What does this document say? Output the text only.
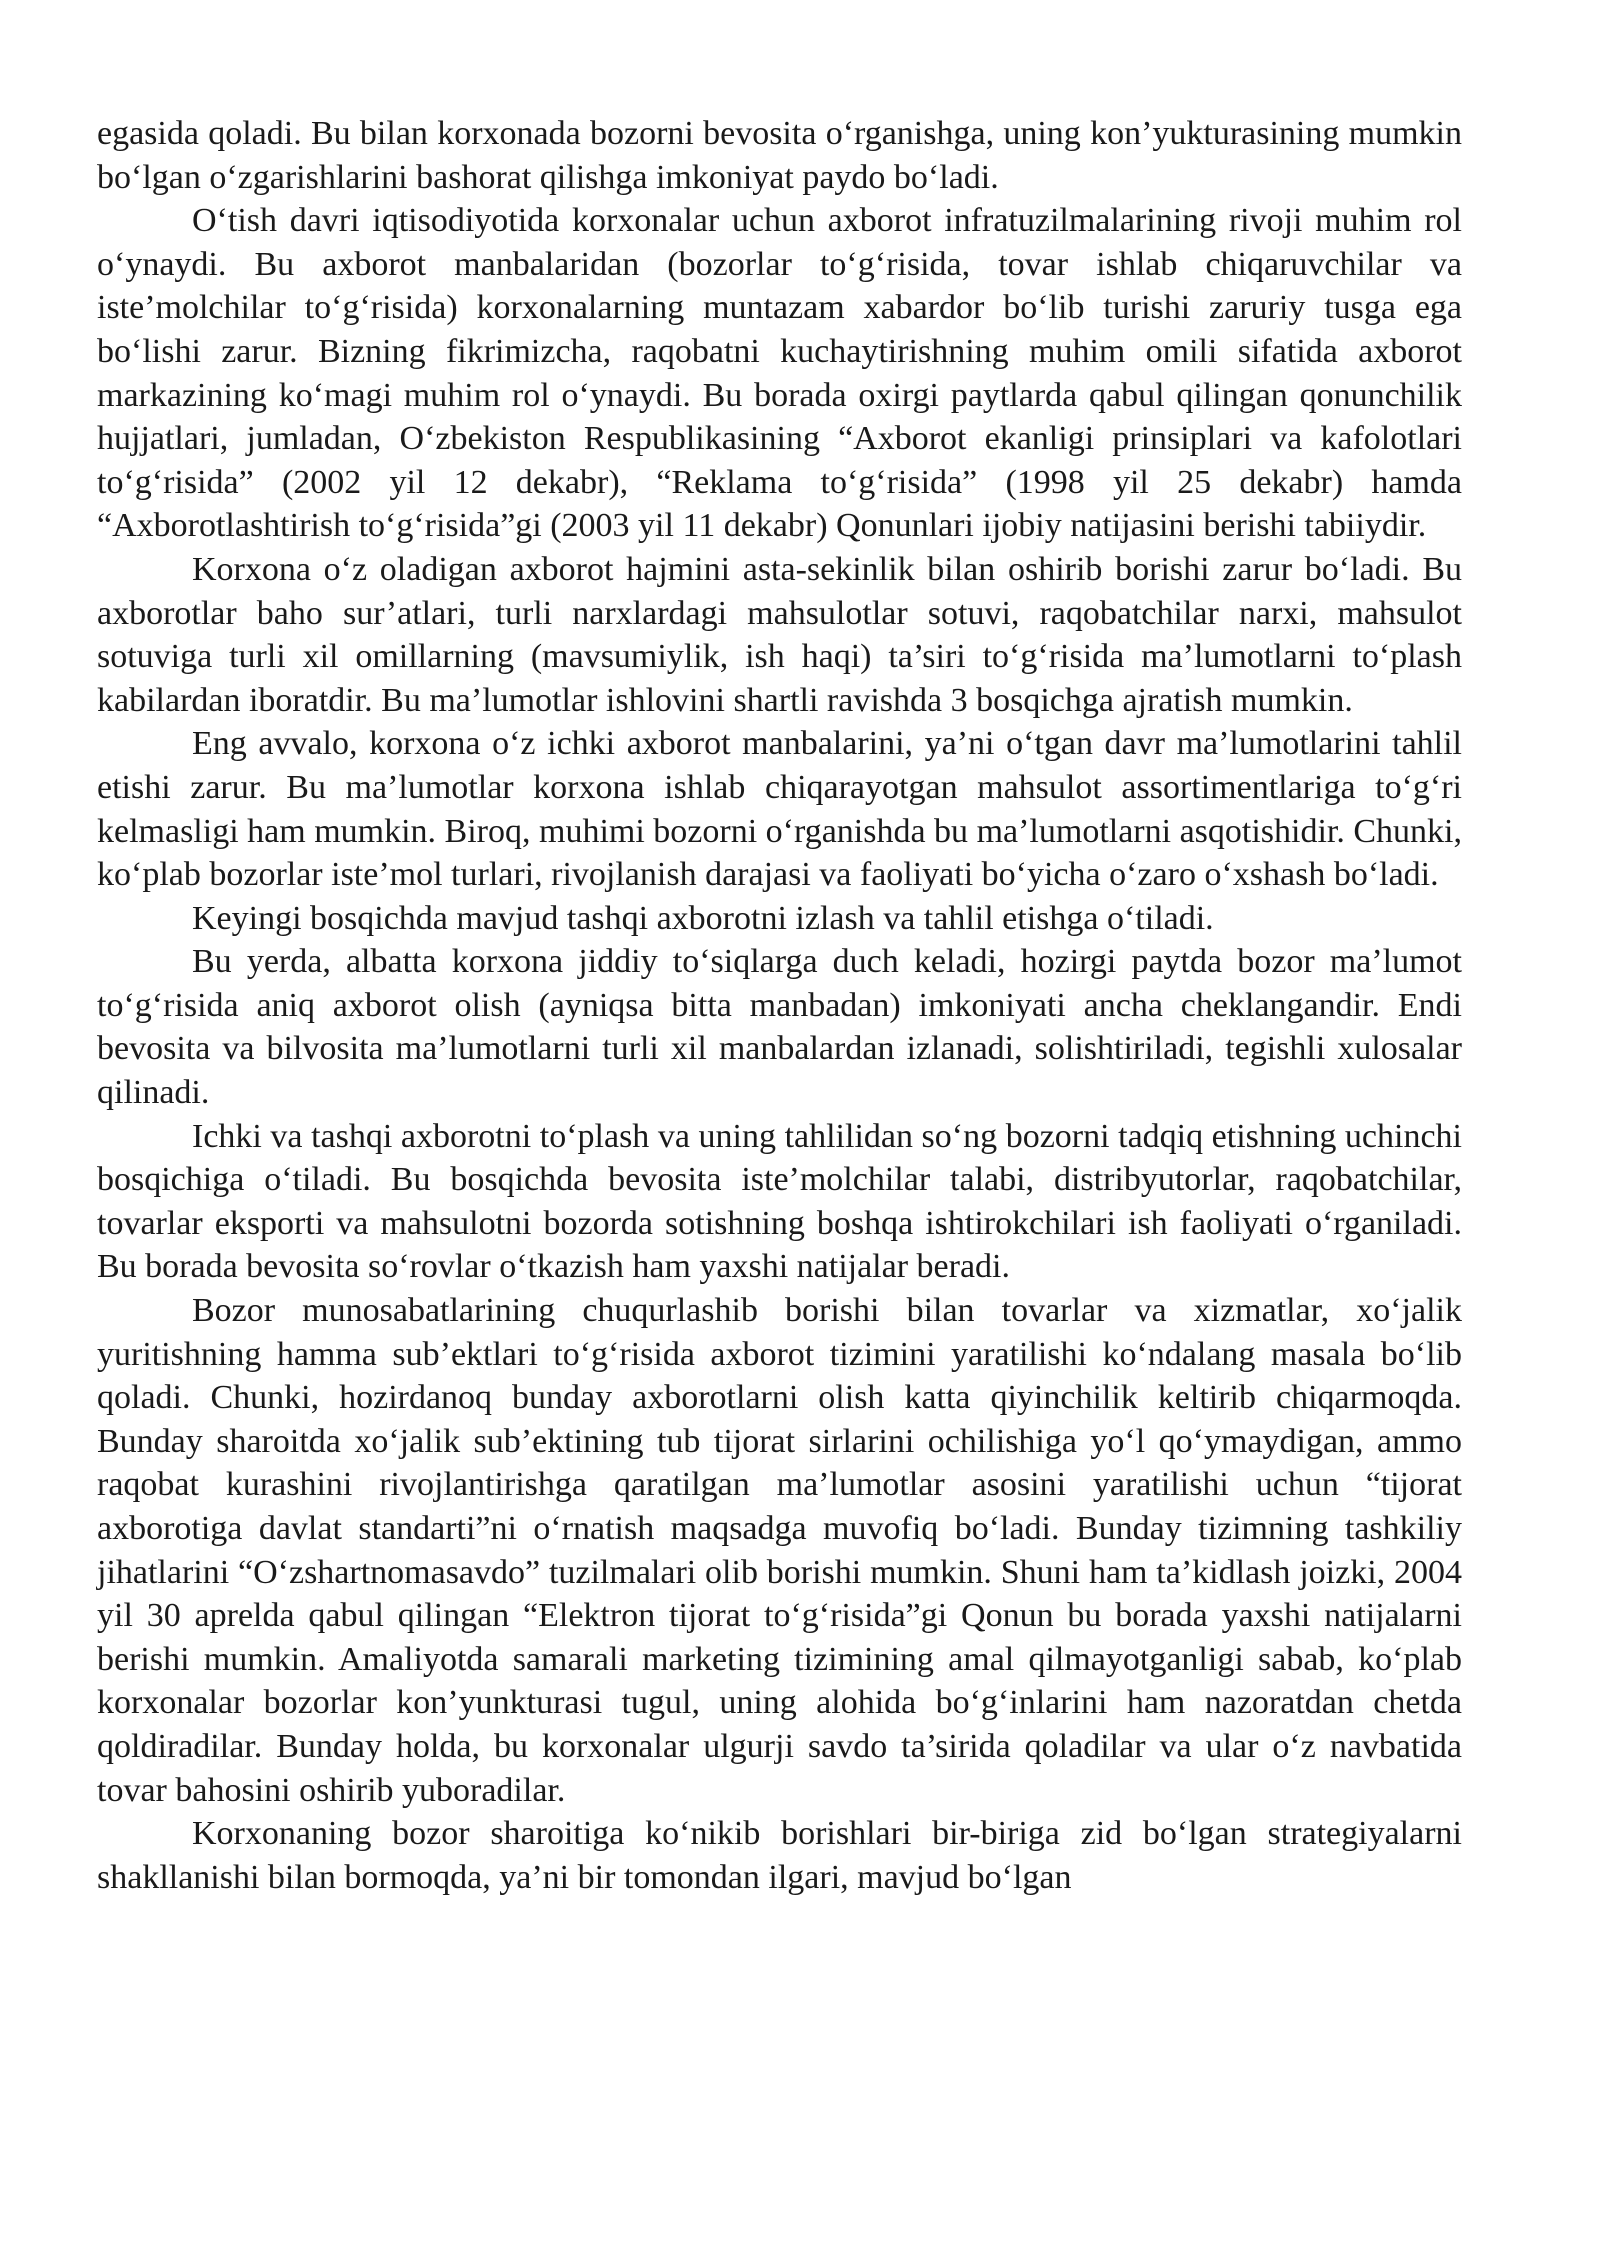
egasida qoladi. Bu bilan korxonada bozorni bevosita o‘rganishga, uning kon’yukturasining mumkin bo‘lgan o‘zgarishlarini bashorat qilishga imkoniyat paydo bo‘ladi.

O‘tish davri iqtisodiyotida korxonalar uchun axborot infratuzilmalarining rivoji muhim rol o‘ynaydi. Bu axborot manbalaridan (bozorlar to‘g‘risida, tovar ishlab chiqaruvchilar va iste’molchilar to‘g‘risida) korxonalarning muntazam xabardor bo‘lib turishi zaruriy tusga ega bo‘lishi zarur. Bizning fikrimizcha, raqobatni kuchaytirishning muhim omili sifatida axborot markazining ko‘magi muhim rol o‘ynaydi. Bu borada oxirgi paytlarda qabul qilingan qonunchilik hujjatlari, jumladan, O‘zbekiston Respublikasining “Axborot ekanligi prinsiplari va kafolotlari to‘g‘risida” (2002 yil 12 dekabr), “Reklama to‘g‘risida” (1998 yil 25 dekabr) hamda “Axborotlashtirish to‘g‘risida”gi (2003 yil 11 dekabr) Qonunlari ijobiy natijasini berishi tabiiydir.

Korxona o‘z oladigan axborot hajmini asta-sekinlik bilan oshirib borishi zarur bo‘ladi. Bu axborotlar baho sur’atlari, turli narxlardagi mahsulotlar sotuvi, raqobatchilar narxi, mahsulot sotuviga turli xil omillarning (mavsumiylik, ish haqi) ta’siri to‘g‘risida ma’lumotlarni to‘plash kabilardan iboratdir. Bu ma’lumotlar ishlovini shartli ravishda 3 bosqichga ajratish mumkin.

Eng avvalo, korxona o‘z ichki axborot manbalarini, ya’ni o‘tgan davr ma’lumotlarini tahlil etishi zarur. Bu ma’lumotlar korxona ishlab chiqarayotgan mahsulot assortimentlariga to‘g‘ri kelmasligi ham mumkin. Biroq, muhimi bozorni o‘rganishda bu ma’lumotlarni asqotishidir. Chunki, ko‘plab bozorlar iste’mol turlari, rivojlanish darajasi va faoliyati bo‘yicha o‘zaro o‘xshash bo‘ladi.

Keyingi bosqichda mavjud tashqi axborotni izlash va tahlil etishga o‘tiladi.

Bu yerda, albatta korxona jiddiy to‘siqlarga duch keladi, hozirgi paytda bozor ma’lumot to‘g‘risida aniq axborot olish (ayniqsa bitta manbadan) imkoniyati ancha cheklangandir. Endi bevosita va bilvosita ma’lumotlarni turli xil manbalardan izlanadi, solishtiriladi, tegishli xulosalar qilinadi.

Ichki va tashqi axborotni to‘plash va uning tahlilidan so‘ng bozorni tadqiq etishning uchinchi bosqichiga o‘tiladi. Bu bosqichda bevosita iste’molchilar talabi, distribyutorlar, raqobatchilar, tovarlar eksporti va mahsulotni bozorda sotishning boshqa ishtirokchilari ish faoliyati o‘rganiladi. Bu borada bevosita so‘rovlar o‘tkazish ham yaxshi natijalar beradi.

Bozor munosabatlarining chuqurlashib borishi bilan tovarlar va xizmatlar, xo‘jalik yuritishning hamma sub’ektlari to‘g‘risida axborot tizimini yaratilishi ko‘ndalang masala bo‘lib qoladi. Chunki, hozirdanoq bunday axborotlarni olish katta qiyinchilik keltirib chiqarmoqda. Bunday sharoitda xo‘jalik sub’ektining tub tijorat sirlarini ochilishiga yo‘l qo‘ymaydigan, ammo raqobat kurashini rivojlantirishga qaratilgan ma’lumotlar asosini yaratilishi uchun “tijorat axborotiga davlat standarti”ni o‘rnatish maqsadga muvofiq bo‘ladi. Bunday tizimning tashkiliy jihatlarini “O‘zshartnomasavdo” tuzilmalari olib borishi mumkin. Shuni ham ta’kidlash joizki, 2004 yil 30 aprelda qabul qilingan “Elektron tijorat to‘g‘risida”gi Qonun bu borada yaxshi natijalarni berishi mumkin. Amaliyotda samarali marketing tizimining amal qilmayotganligi sabab, ko‘plab korxonalar bozorlar kon’yunkturasi tugul, uning alohida bo‘g‘inlarini ham nazoratdan chetda qoldiradilar. Bunday holda, bu korxonalar ulgurji savdo ta’sirida qoladilar va ular o‘z navbatida tovar bahosini oshirib yuboradilar.

Korxonaning bozor sharoitiga ko‘nikib borishlari bir-biriga zid bo‘lgan strategiyalarni shakllanishi bilan bormoqda, ya’ni bir tomondan ilgari, mavjud bo‘lgan
